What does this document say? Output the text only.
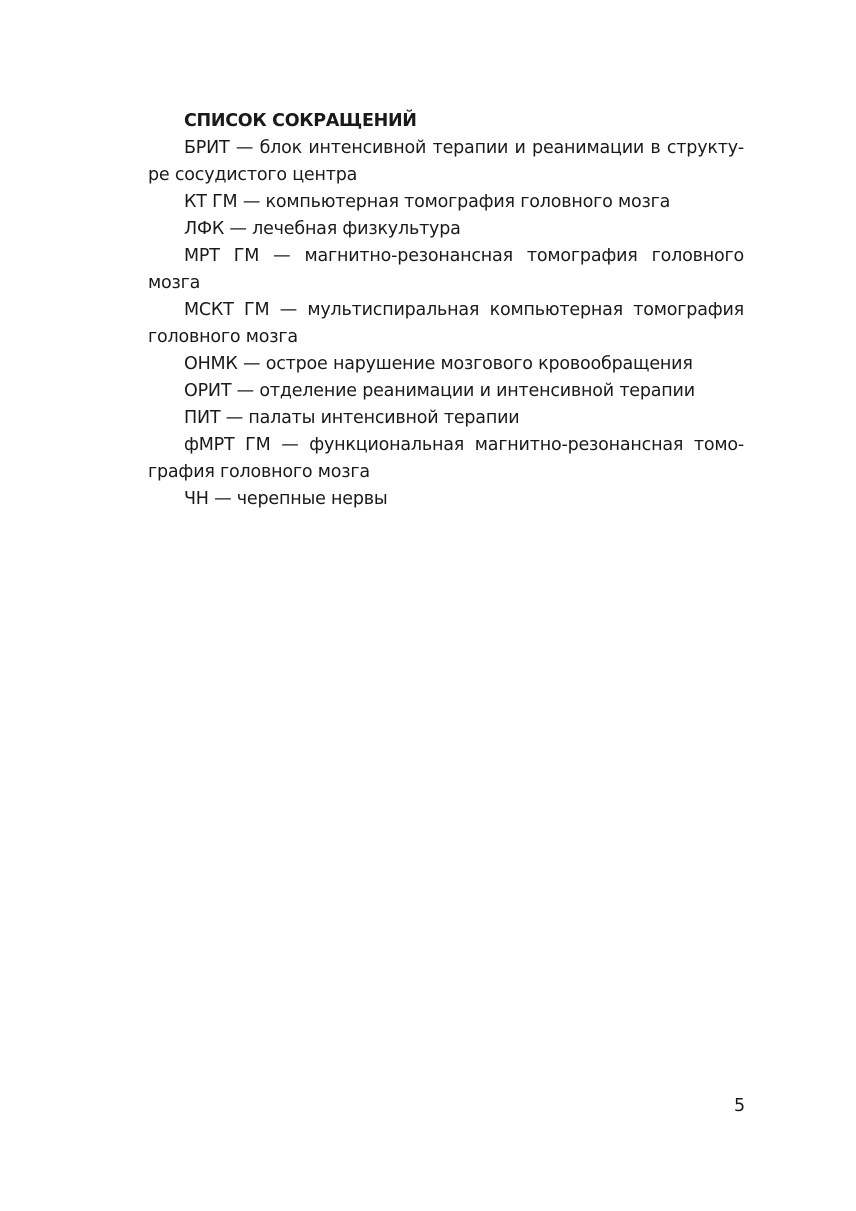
СПИСОК СОКРАЩЕНИЙ

БРИТ — блок интенсивной терапии и реанимации в структу-ре сосудистого центра

КТ ГМ — компьютерная томография головного мозга

ЛФК — лечебная физкультура

МРТ ГМ — магнитно-резонансная томография головного мозга

МСКТ ГМ — мультиспиральная компьютерная томография головного мозга

ОНМК — острое нарушение мозгового кровообращения

ОРИТ — отделение реанимации и интенсивной терапии

ПИТ — палаты интенсивной терапии

фМРТ ГМ — функциональная магнитно-резонансная томо-графия головного мозга

ЧН — черепные нервы

5
